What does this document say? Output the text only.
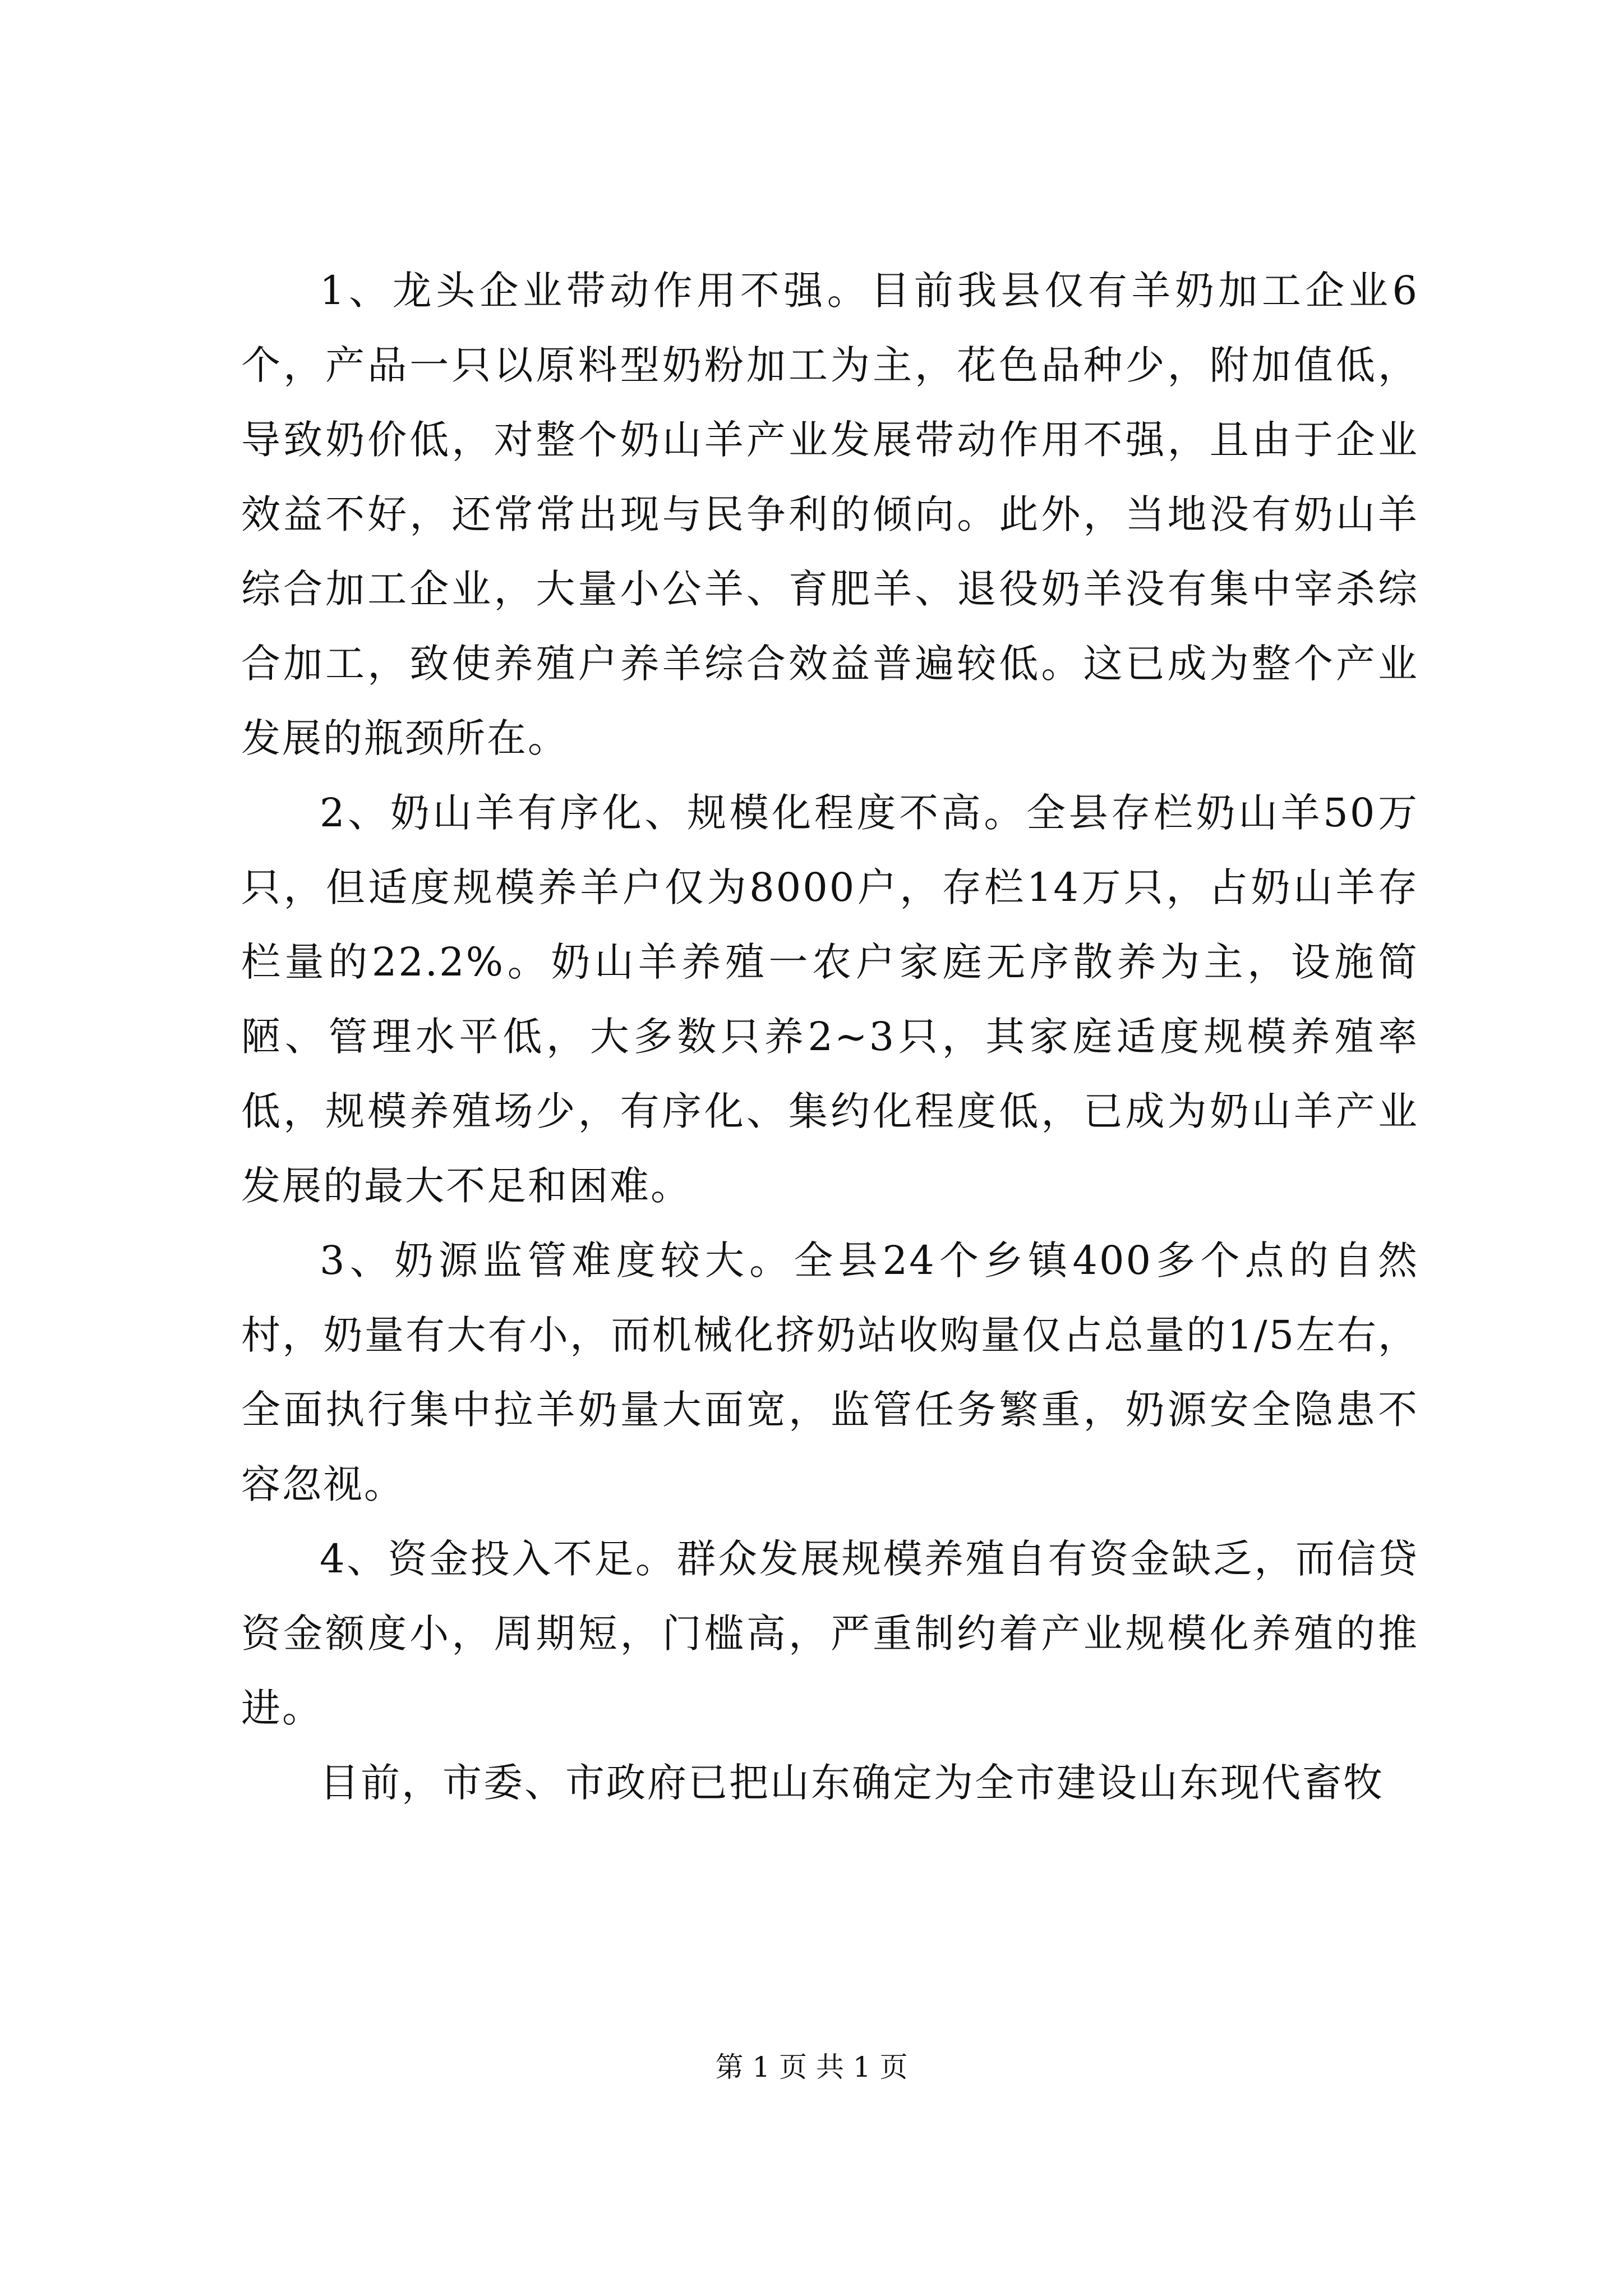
1、龙头企业带动作用不强。目前我县仅有羊奶加工企业6个，产品一只以原料型奶粉加工为主，花色品种少，附加值低，导致奶价低，对整个奶山羊产业发展带动作用不强，且由于企业效益不好，还常常出现与民争利的倾向。此外，当地没有奶山羊综合加工企业，大量小公羊、育肥羊、退役奶羊没有集中宰杀综合加工，致使养殖户养羊综合效益普遍较低。这已成为整个产业发展的瓶颈所在。

2、奶山羊有序化、规模化程度不高。全县存栏奶山羊50万只，但适度规模养羊户仅为8000户，存栏14万只，占奶山羊存栏量的22.2%。奶山羊养殖一农户家庭无序散养为主，设施简陋、管理水平低，大多数只养2~3只，其家庭适度规模养殖率低，规模养殖场少，有序化、集约化程度低，已成为奶山羊产业发展的最大不足和困难。

3、奶源监管难度较大。全县24个乡镇400多个点的自然村，奶量有大有小，而机械化挤奶站收购量仅占总量的1/5左右，全面执行集中拉羊奶量大面宽，监管任务繁重，奶源安全隐患不容忽视。

4、资金投入不足。群众发展规模养殖自有资金缺乏，而信贷资金额度小，周期短，门槛高，严重制约着产业规模化养殖的推进。

目前，市委、市政府已把山东确定为全市建设山东现代畜牧

第 1 页 共 1 页
